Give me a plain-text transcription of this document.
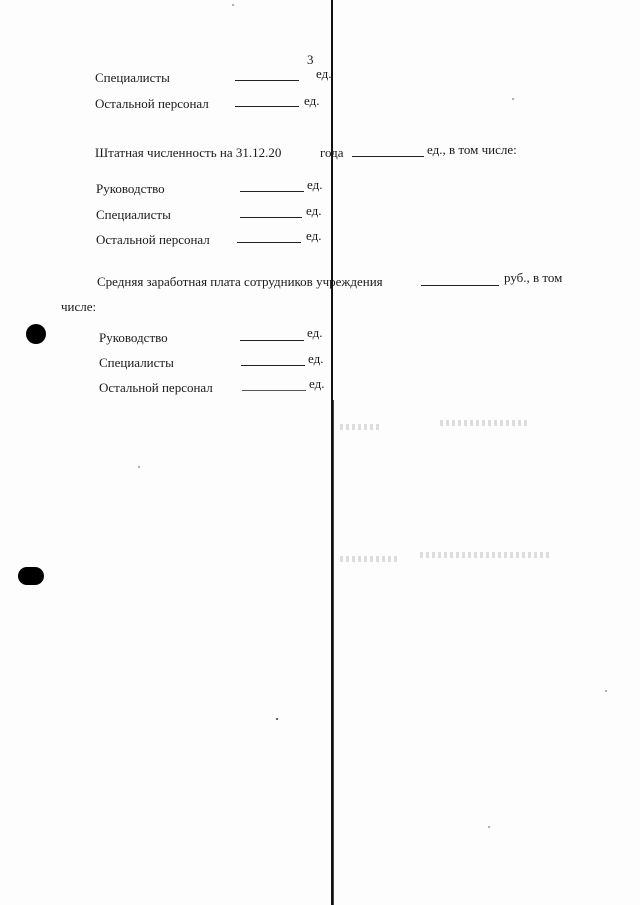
3
Специалисты	ед.
Остальной персонал	ед.
Штатная численность на 31.12.20	года	ед., в том числе:
Руководство	ед.
Специалисты	ед.
Остальной персонал	ед.
Средняя заработная плата сотрудников учреждения	руб., в том
числе:
Руководство	ед.
Специалисты	ед.
Остальной персонал	ед.
